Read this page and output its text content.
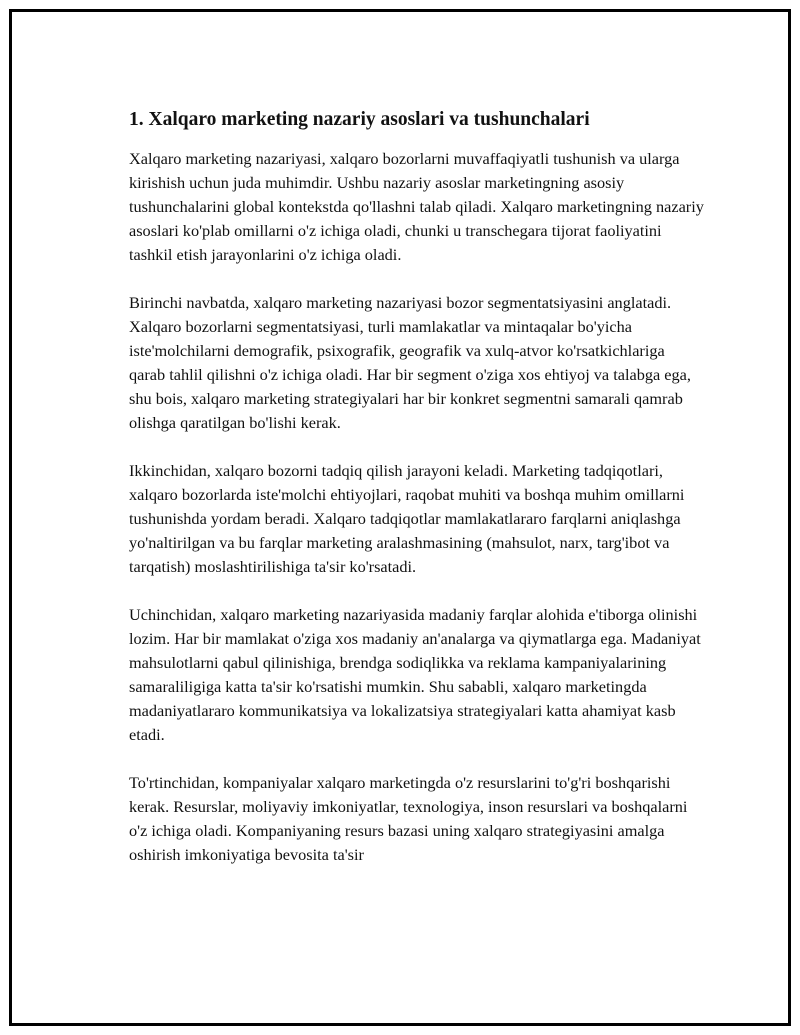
1. Xalqaro marketing nazariy asoslari va tushunchalari

Xalqaro marketing nazariyasi, xalqaro bozorlarni muvaffaqiyatli tushunish va ularga kirishish uchun juda muhimdir. Ushbu nazariy asoslar marketingning asosiy tushunchalarini global kontekstda qo'llashni talab qiladi. Xalqaro marketingning nazariy asoslari ko'plab omillarni o'z ichiga oladi, chunki u transchegara tijorat faoliyatini tashkil etish jarayonlarini o'z ichiga oladi.

Birinchi navbatda, xalqaro marketing nazariyasi bozor segmentatsiyasini anglatadi. Xalqaro bozorlarni segmentatsiyasi, turli mamlakatlar va mintaqalar bo'yicha iste'molchilarni demografik, psixografik, geografik va xulq-atvor ko'rsatkichlariga qarab tahlil qilishni o'z ichiga oladi. Har bir segment o'ziga xos ehtiyoj va talabga ega, shu bois, xalqaro marketing strategiyalari har bir konkret segmentni samarali qamrab olishga qaratilgan bo'lishi kerak.

Ikkinchidan, xalqaro bozorni tadqiq qilish jarayoni keladi. Marketing tadqiqotlari, xalqaro bozorlarda iste'molchi ehtiyojlari, raqobat muhiti va boshqa muhim omillarni tushunishda yordam beradi. Xalqaro tadqiqotlar mamlakatlararo farqlarni aniqlashga yo'naltirilgan va bu farqlar marketing aralashmasining (mahsulot, narx, targ'ibot va tarqatish) moslashtirilishiga ta'sir ko'rsatadi.

Uchinchidan, xalqaro marketing nazariyasida madaniy farqlar alohida e'tiborga olinishi lozim. Har bir mamlakat o'ziga xos madaniy an'analarga va qiymatlarga ega. Madaniyat mahsulotlarni qabul qilinishiga, brendga sodiqlikka va reklama kampaniyalarining samaraliligiga katta ta'sir ko'rsatishi mumkin. Shu sababli, xalqaro marketingda madaniyatlararo kommunikatsiya va lokalizatsiya strategiyalari katta ahamiyat kasb etadi.

To'rtinchidan, kompaniyalar xalqaro marketingda o'z resurslarini to'g'ri boshqarishi kerak. Resurslar, moliyaviy imkoniyatlar, texnologiya, inson resurslari va boshqalarni o'z ichiga oladi. Kompaniyaning resurs bazasi uning xalqaro strategiyasini amalga oshirish imkoniyatiga bevosita ta'sir
